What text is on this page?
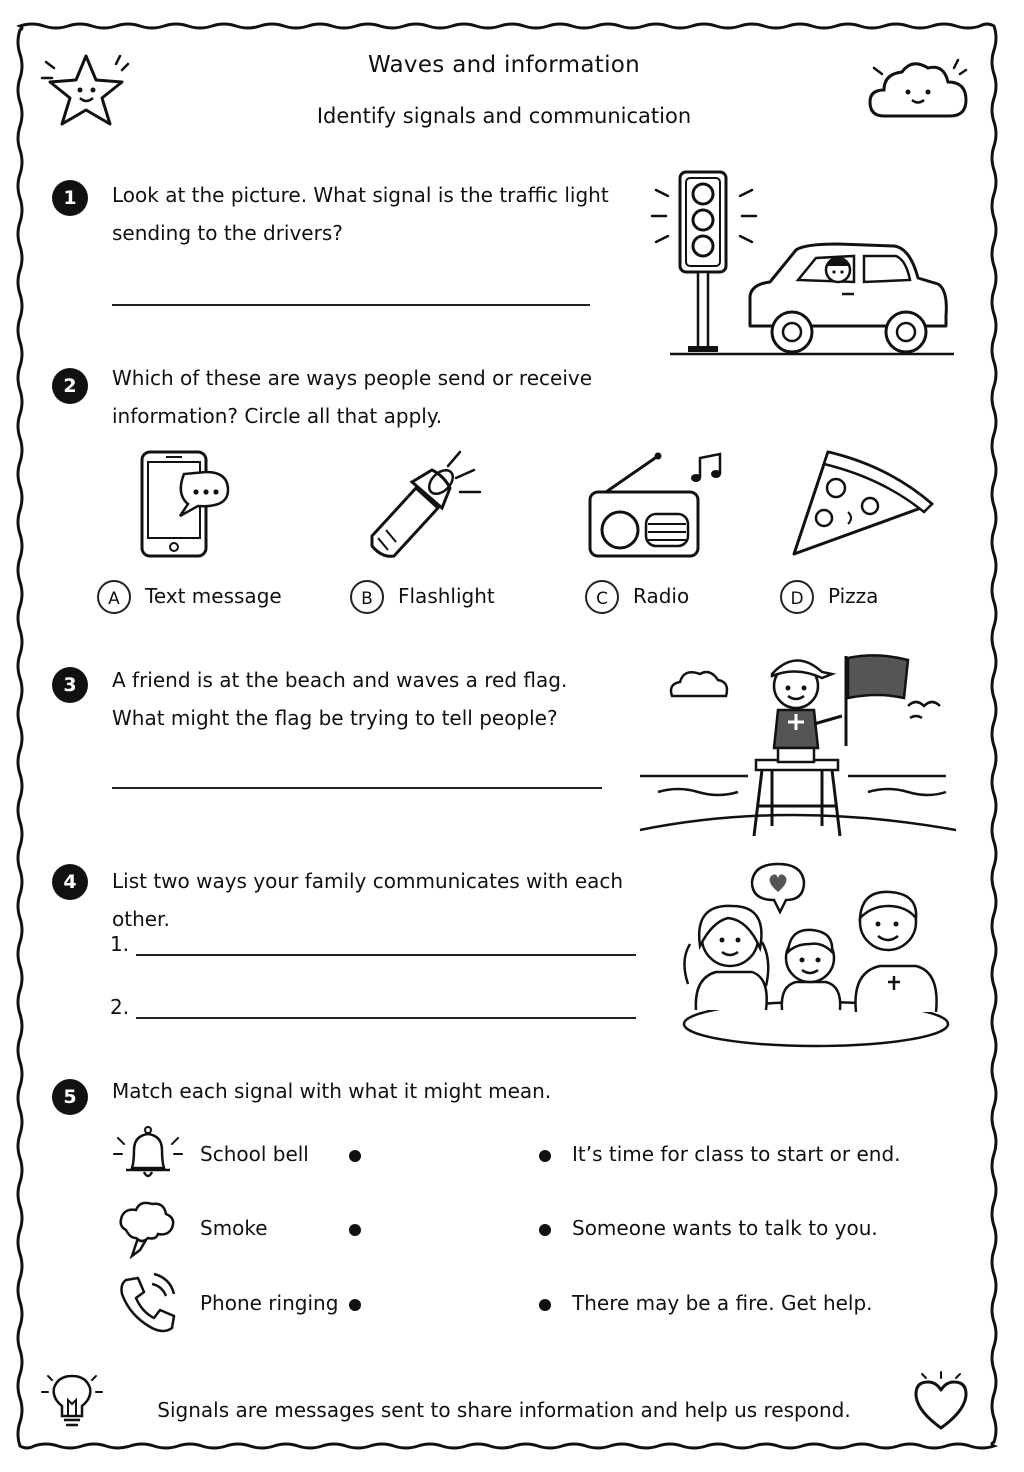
Waves and information
Identify signals and communication
1	Look at the picture. What signal is the traffic light
sending to the drivers?
2	Which of these are ways people send or receive
information? Circle all that apply.
A	Text message	B	Flashlight	C	Radio	D	Pizza
3	A friend is at the beach and waves a red flag.
What might the flag be trying to tell people?
4	List two ways your family communicates with each other.
1.
2.
5	Match each signal with what it might mean.
School bell
Smoke
Phone ringing
It’s time for class to start or end.
Someone wants to talk to you.
There may be a fire. Get help.
Signals are messages sent to share information and help us respond.
